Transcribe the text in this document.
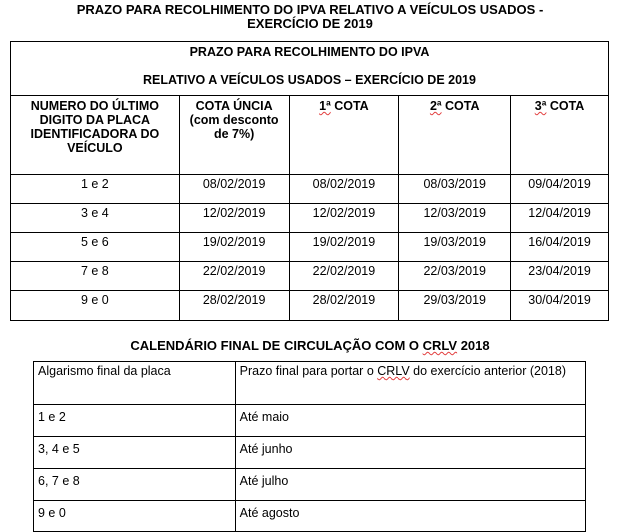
PRAZO PARA RECOLHIMENTO DO IPVA RELATIVO A VEÍCULOS USADOS -
EXERCÍCIO DE 2019
PRAZO PARA RECOLHIMENTO DO IPVA
RELATIVO A VEÍCULOS USADOS – EXERCÍCIO DE 2019				

NUMERO DO ÚLTIMO
DIGITO DA PLACA
IDENTIFICADORA DO
VEÍCULO	COTA ÚNCIA
(com desconto
de 7%)	1ª COTA	2ª COTA	3ª COTA
1 e 2	08/02/2019	08/02/2019	08/03/2019	09/04/2019
3 e 4	12/02/2019	12/02/2019	12/03/2019	12/04/2019
5 e 6	19/02/2019	19/02/2019	19/03/2019	16/04/2019
7 e 8	22/02/2019	22/02/2019	22/03/2019	23/04/2019
9 e 0	28/02/2019	28/02/2019	29/03/2019	30/04/2019
CALENDÁRIO FINAL DE CIRCULAÇÃO COM O CRLV 2018
Algarismo final da placa	Prazo final para portar o CRLV do exercício anterior (2018)
1 e 2	Até maio
3, 4 e 5	Até junho
6, 7 e 8	Até julho
9 e 0	Até agosto
